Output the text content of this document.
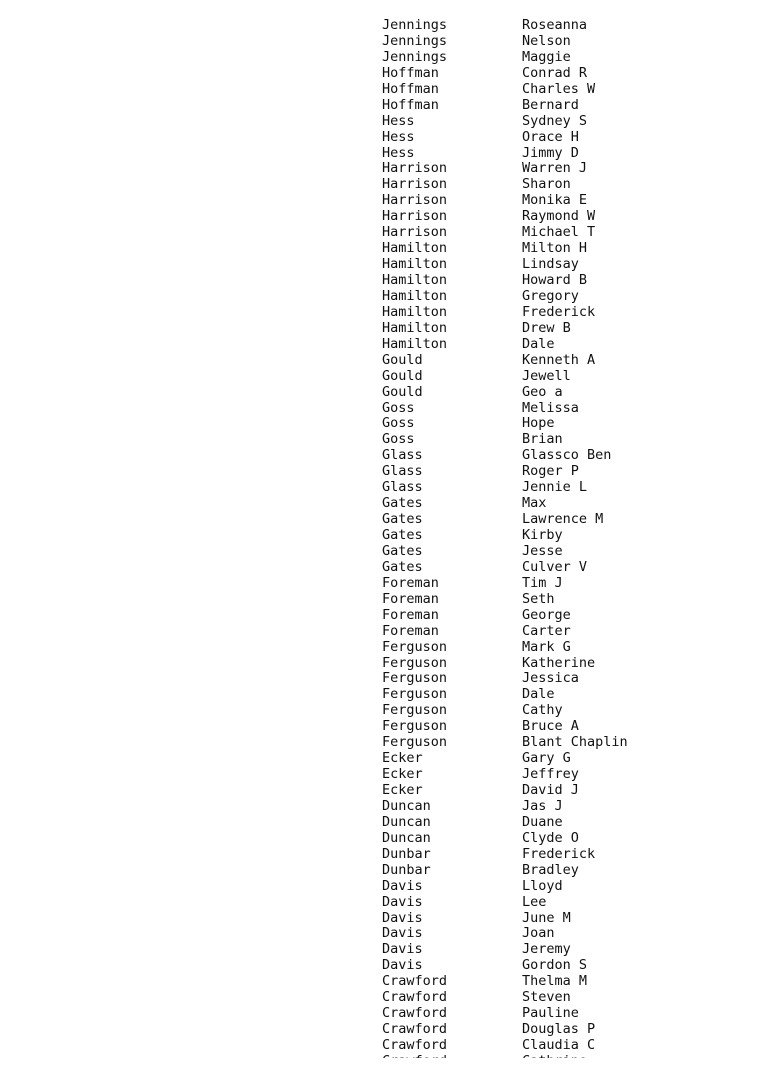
Jennings	Roseanna
Jennings	Nelson
Jennings	Maggie
Hoffman	Conrad R
Hoffman	Charles W
Hoffman	Bernard
Hess	Sydney S
Hess	Orace H
Hess	Jimmy D
Harrison	Warren J
Harrison	Sharon
Harrison	Monika E
Harrison	Raymond W
Harrison	Michael T
Hamilton	Milton H
Hamilton	Lindsay
Hamilton	Howard B
Hamilton	Gregory
Hamilton	Frederick
Hamilton	Drew B
Hamilton	Dale
Gould	Kenneth A
Gould	Jewell
Gould	Geo a
Goss	Melissa
Goss	Hope
Goss	Brian
Glass	Glassco Ben
Glass	Roger P
Glass	Jennie L
Gates	Max
Gates	Lawrence M
Gates	Kirby
Gates	Jesse
Gates	Culver V
Foreman	Tim J
Foreman	Seth
Foreman	George
Foreman	Carter
Ferguson	Mark G
Ferguson	Katherine
Ferguson	Jessica
Ferguson	Dale
Ferguson	Cathy
Ferguson	Bruce A
Ferguson	Blant Chaplin
Ecker	Gary G
Ecker	Jeffrey
Ecker	David J
Duncan	Jas J
Duncan	Duane
Duncan	Clyde O
Dunbar	Frederick
Dunbar	Bradley
Davis	Lloyd
Davis	Lee
Davis	June M
Davis	Joan
Davis	Jeremy
Davis	Gordon S
Crawford	Thelma M
Crawford	Steven
Crawford	Pauline
Crawford	Douglas P
Crawford	Claudia C
